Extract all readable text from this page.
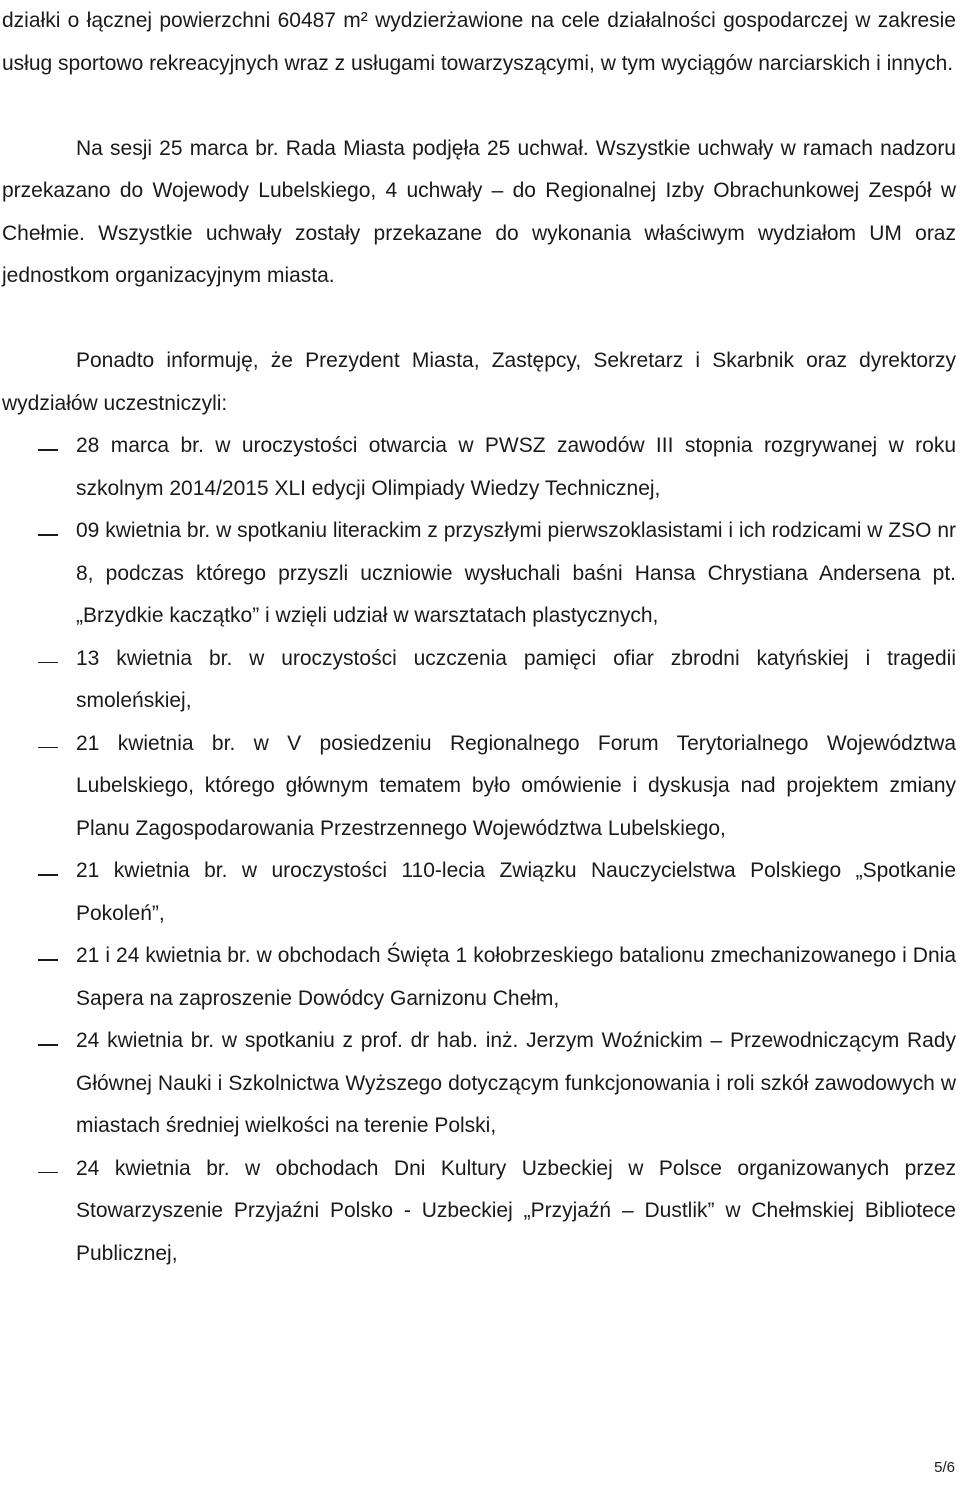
działki o łącznej powierzchni 60487 m² wydzierżawione na cele działalności gospodarczej w zakresie usług sportowo rekreacyjnych wraz z usługami towarzyszącymi, w tym wyciągów narciarskich i innych.

Na sesji 25 marca br. Rada Miasta podjęła 25 uchwał. Wszystkie uchwały w ramach nadzoru przekazano do Wojewody Lubelskiego, 4 uchwały – do Regionalnej Izby Obrachunkowej Zespół w Chełmie. Wszystkie uchwały zostały przekazane do wykonania właściwym wydziałom UM oraz jednostkom organizacyjnym miasta.

Ponadto informuję, że Prezydent Miasta, Zastępcy, Sekretarz i Skarbnik oraz dyrektorzy wydziałów uczestniczyli:

28 marca br. w uroczystości otwarcia w PWSZ zawodów III stopnia rozgrywanej w roku szkolnym 2014/2015 XLI edycji Olimpiady Wiedzy Technicznej,
09 kwietnia br. w spotkaniu literackim z przyszłymi pierwszoklasistami i ich rodzicami w ZSO nr 8, podczas którego przyszli uczniowie wysłuchali baśni Hansa Chrystiana Andersena pt. „Brzydkie kaczątko” i wzięli udział w warsztatach plastycznych,
13 kwietnia br. w uroczystości uczczenia pamięci ofiar zbrodni katyńskiej i tragedii smoleńskiej,
21 kwietnia br. w V posiedzeniu Regionalnego Forum Terytorialnego Województwa Lubelskiego, którego głównym tematem było omówienie i dyskusja nad projektem zmiany Planu Zagospodarowania Przestrzennego Województwa Lubelskiego,
21 kwietnia br. w uroczystości 110-lecia Związku Nauczycielstwa Polskiego „Spotkanie Pokoleń”,
21 i 24 kwietnia br. w obchodach Święta 1 kołobrzeskiego batalionu zmechanizowanego i Dnia Sapera na zaproszenie Dowódcy Garnizonu Chełm,
24 kwietnia br. w spotkaniu z prof. dr hab. inż. Jerzym Woźnickim – Przewodniczącym Rady Głównej Nauki i Szkolnictwa Wyższego dotyczącym funkcjonowania i roli szkół zawodowych w miastach średniej wielkości na terenie Polski,
24 kwietnia br. w obchodach Dni Kultury Uzbeckiej w Polsce organizowanych przez Stowarzyszenie Przyjaźni Polsko - Uzbeckiej „Przyjaźń – Dustlik” w Chełmskiej Bibliotece Publicznej,
5/6
